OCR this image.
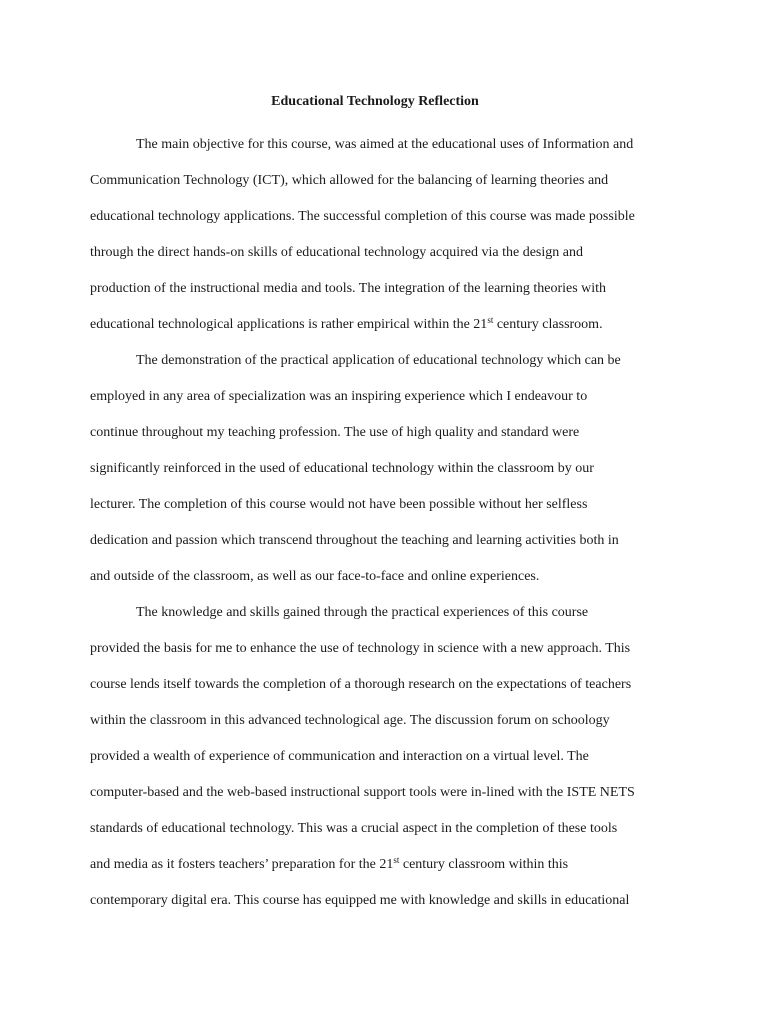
Educational Technology Reflection
The main objective for this course, was aimed at the educational uses of Information and
Communication Technology (ICT), which allowed for the balancing of learning theories and
educational technology applications. The successful completion of this course was made possible
through the direct hands-on skills of educational technology acquired via the design and
production of the instructional media and tools. The integration of the learning theories with
educational technological applications is rather empirical within the 21st century classroom.
The demonstration of the practical application of educational technology which can be
employed in any area of specialization was an inspiring experience which I endeavour to
continue throughout my teaching profession. The use of high quality and standard were
significantly reinforced in the used of educational technology within the classroom by our
lecturer. The completion of this course would not have been possible without her selfless
dedication and passion which transcend throughout the teaching and learning activities both in
and outside of the classroom, as well as our face-to-face and online experiences.
The knowledge and skills gained through the practical experiences of this course
provided the basis for me to enhance the use of technology in science with a new approach. This
course lends itself towards the completion of a thorough research on the expectations of teachers
within the classroom in this advanced technological age. The discussion forum on schoology
provided a wealth of experience of communication and interaction on a virtual level. The
computer-based and the web-based instructional support tools were in-lined with the ISTE NETS
standards of educational technology. This was a crucial aspect in the completion of these tools
and media as it fosters teachers’ preparation for the 21st century classroom within this
contemporary digital era. This course has equipped me with knowledge and skills in educational
